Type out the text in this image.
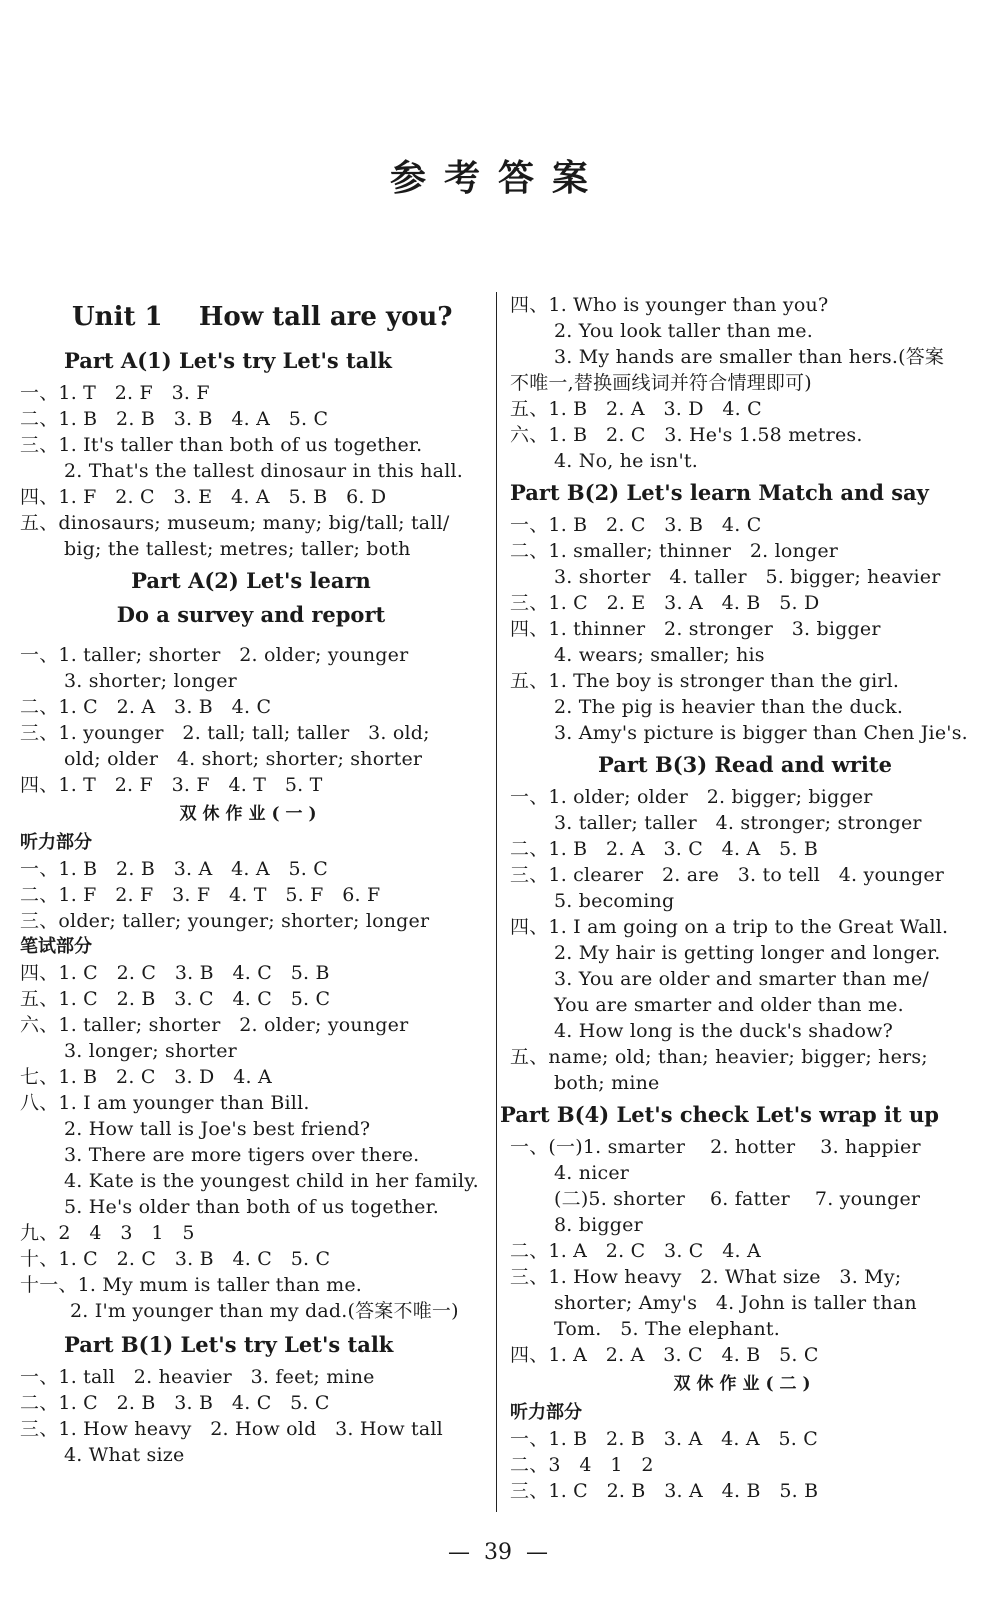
参考答案
Unit 1    How tall are you?
Part A(1) Let's try Let's talk
一、1. T   2. F   3. F
二、1. B   2. B   3. B   4. A   5. C
三、1. It's taller than both of us together.
2. That's the tallest dinosaur in this hall.
四、1. F   2. C   3. E   4. A   5. B   6. D
五、dinosaurs; museum; many; big/tall; tall/
big; the tallest; metres; taller; both
Part A(2) Let's learn
Do a survey and report
一、1. taller; shorter   2. older; younger
3. shorter; longer
二、1. C   2. A   3. B   4. C
三、1. younger   2. tall; tall; taller   3. old;
old; older   4. short; shorter; shorter
四、1. T   2. F   3. F   4. T   5. T
双休作业(一)
听力部分
一、1. B   2. B   3. A   4. A   5. C
二、1. F   2. F   3. F   4. T   5. F   6. F
三、older; taller; younger; shorter; longer
笔试部分
四、1. C   2. C   3. B   4. C   5. B
五、1. C   2. B   3. C   4. C   5. C
六、1. taller; shorter   2. older; younger
3. longer; shorter
七、1. B   2. C   3. D   4. A
八、1. I am younger than Bill.
2. How tall is Joe's best friend?
3. There are more tigers over there.
4. Kate is the youngest child in her family.
5. He's older than both of us together.
九、2   4   3   1   5
十、1. C   2. C   3. B   4. C   5. C
十一、1. My mum is taller than me.
2. I'm younger than my dad.(答案不唯一)
Part B(1) Let's try Let's talk
一、1. tall   2. heavier   3. feet; mine
二、1. C   2. B   3. B   4. C   5. C
三、1. How heavy   2. How old   3. How tall
4. What size
四、1. Who is younger than you?
2. You look taller than me.
3. My hands are smaller than hers.(答案
不唯一,替换画线词并符合情理即可)
五、1. B   2. A   3. D   4. C
六、1. B   2. C   3. He's 1.58 metres.
4. No, he isn't.
Part B(2) Let's learn Match and say
一、1. B   2. C   3. B   4. C
二、1. smaller; thinner   2. longer
3. shorter   4. taller   5. bigger; heavier
三、1. C   2. E   3. A   4. B   5. D
四、1. thinner   2. stronger   3. bigger
4. wears; smaller; his
五、1. The boy is stronger than the girl.
2. The pig is heavier than the duck.
3. Amy's picture is bigger than Chen Jie's.
Part B(3) Read and write
一、1. older; older   2. bigger; bigger
3. taller; taller   4. stronger; stronger
二、1. B   2. A   3. C   4. A   5. B
三、1. clearer   2. are   3. to tell   4. younger
5. becoming
四、1. I am going on a trip to the Great Wall.
2. My hair is getting longer and longer.
3. You are older and smarter than me/
You are smarter and older than me.
4. How long is the duck's shadow?
五、name; old; than; heavier; bigger; hers;
both; mine
Part B(4) Let's check Let's wrap it up
一、(一)1. smarter    2. hotter    3. happier
4. nicer
(二)5. shorter    6. fatter    7. younger
8. bigger
二、1. A   2. C   3. C   4. A
三、1. How heavy   2. What size   3. My;
shorter; Amy's   4. John is taller than
Tom.   5. The elephant.
四、1. A   2. A   3. C   4. B   5. C
双休作业(二)
听力部分
一、1. B   2. B   3. A   4. A   5. C
二、3   4   1   2
三、1. C   2. B   3. A   4. B   5. B
—  39  —
